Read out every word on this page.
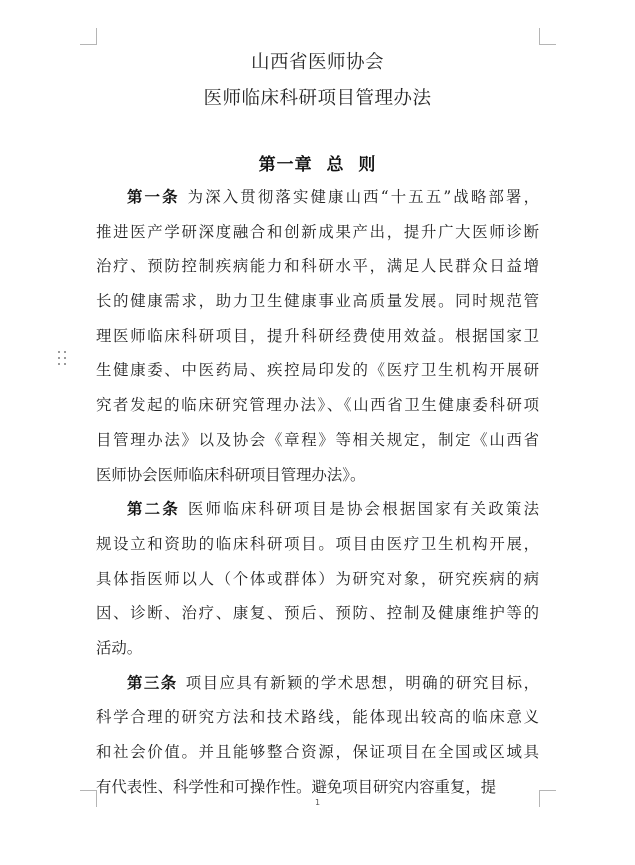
山西省医师协会
医师临床科研项目管理办法
第一章  总  则
第一条 为深入贯彻落实健康山西“十五五”战略部署，
推进医产学研深度融合和创新成果产出，提升广大医师诊断
治疗、预防控制疾病能力和科研水平，满足人民群众日益增
长的健康需求，助力卫生健康事业高质量发展。同时规范管
理医师临床科研项目，提升科研经费使用效益。根据国家卫
生健康委、中医药局、疾控局印发的《医疗卫生机构开展研
究者发起的临床研究管理办法》、《山西省卫生健康委科研项
目管理办法》以及协会《章程》等相关规定，制定《山西省
医师协会医师临床科研项目管理办法》。
第二条 医师临床科研项目是协会根据国家有关政策法
规设立和资助的临床科研项目。项目由医疗卫生机构开展，
具体指医师以人（个体或群体）为研究对象，研究疾病的病
因、诊断、治疗、康复、预后、预防、控制及健康维护等的
活动。
第三条 项目应具有新颖的学术思想，明确的研究目标，
科学合理的研究方法和技术路线，能体现出较高的临床意义
和社会价值。并且能够整合资源，保证项目在全国或区域具
有代表性、科学性和可操作性。避免项目研究内容重复，提
1
